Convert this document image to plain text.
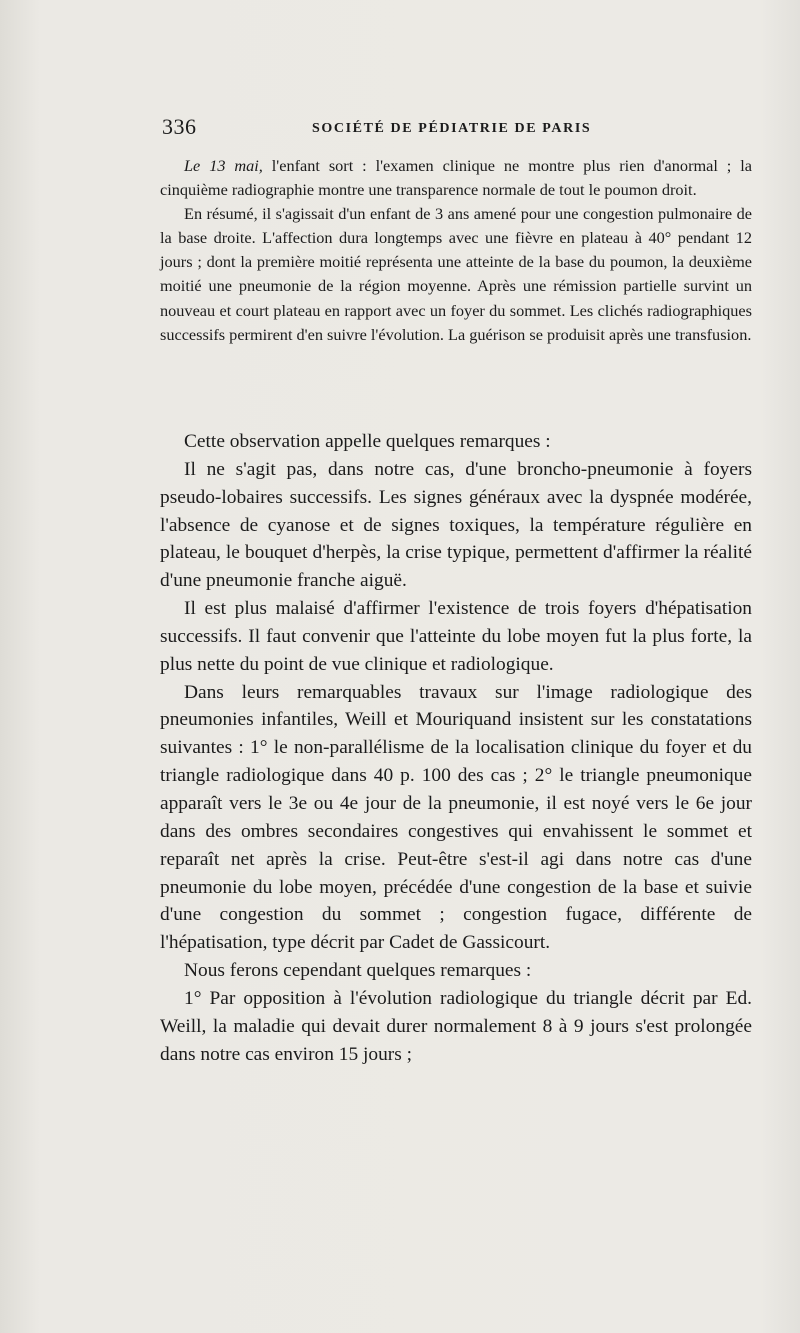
336	SOCIÉTÉ DE PÉDIATRIE DE PARIS

Le 13 mai, l'enfant sort : l'examen clinique ne montre plus rien d'anormal ; la cinquième radiographie montre une transparence normale de tout le poumon droit.

En résumé, il s'agissait d'un enfant de 3 ans amené pour une congestion pulmonaire de la base droite. L'affection dura longtemps avec une fièvre en plateau à 40° pendant 12 jours ; dont la première moitié représenta une atteinte de la base du poumon, la deuxième moitié une pneumonie de la région moyenne. Après une rémission partielle survint un nouveau et court plateau en rapport avec un foyer du sommet. Les clichés radiographiques successifs permirent d'en suivre l'évolution. La guérison se produisit après une transfusion.

Cette observation appelle quelques remarques :

Il ne s'agit pas, dans notre cas, d'une broncho-pneumonie à foyers pseudo-lobaires successifs. Les signes généraux avec la dyspnée modérée, l'absence de cyanose et de signes toxiques, la température régulière en plateau, le bouquet d'herpès, la crise typique, permettent d'affirmer la réalité d'une pneumonie franche aiguë.

Il est plus malaisé d'affirmer l'existence de trois foyers d'hépatisation successifs. Il faut convenir que l'atteinte du lobe moyen fut la plus forte, la plus nette du point de vue clinique et radiologique.

Dans leurs remarquables travaux sur l'image radiologique des pneumonies infantiles, Weill et Mouriquand insistent sur les constatations suivantes : 1° le non-parallélisme de la localisation clinique du foyer et du triangle radiologique dans 40 p. 100 des cas ; 2° le triangle pneumonique apparaît vers le 3e ou 4e jour de la pneumonie, il est noyé vers le 6e jour dans des ombres secondaires congestives qui envahissent le sommet et reparaît net après la crise. Peut-être s'est-il agi dans notre cas d'une pneumonie du lobe moyen, précédée d'une congestion de la base et suivie d'une congestion du sommet ; congestion fugace, différente de l'hépatisation, type décrit par Cadet de Gassicourt.

Nous ferons cependant quelques remarques :

1° Par opposition à l'évolution radiologique du triangle décrit par Ed. Weill, la maladie qui devait durer normalement 8 à 9 jours s'est prolongée dans notre cas environ 15 jours ;
